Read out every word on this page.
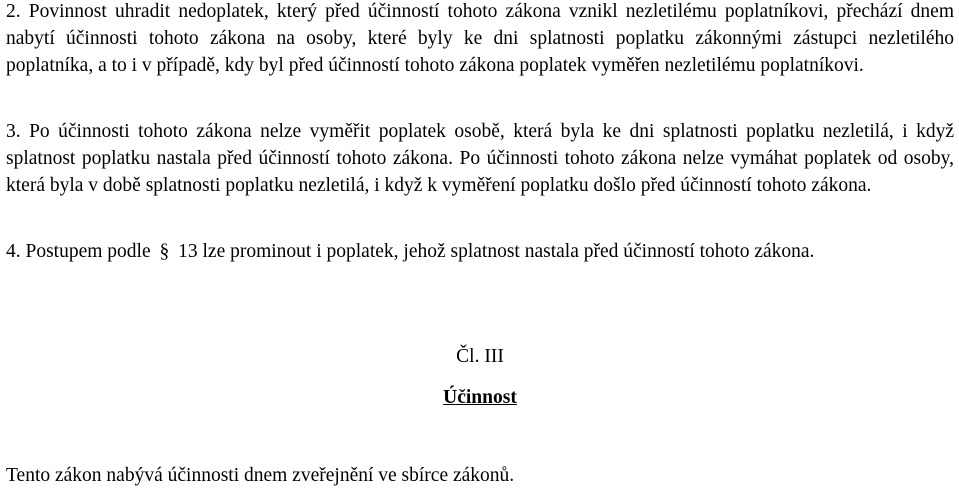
2. Povinnost uhradit nedoplatek, který před účinností tohoto zákona vznikl nezletilému poplatníkovi, přechází dnem nabytí účinnosti tohoto zákona na osoby, které byly ke dni splatnosti poplatku zákonnými zástupci nezletilého poplatníka, a to i v případě, kdy byl před účinností tohoto zákona poplatek vyměřen nezletilému poplatníkovi.

3. Po účinnosti tohoto zákona nelze vyměřit poplatek osobě, která byla ke dni splatnosti poplatku nezletilá, i když splatnost poplatku nastala před účinností tohoto zákona. Po účinnosti tohoto zákona nelze vymáhat poplatek od osoby, která byla v době splatnosti poplatku nezletilá, i když k vyměření poplatku došlo před účinností tohoto zákona.

4. Postupem podle § 13 lze prominout i poplatek, jehož splatnost nastala před účinností tohoto zákona.

Čl. III

Účinnost

Tento zákon nabývá účinnosti dnem zveřejnění ve sbírce zákonů.
